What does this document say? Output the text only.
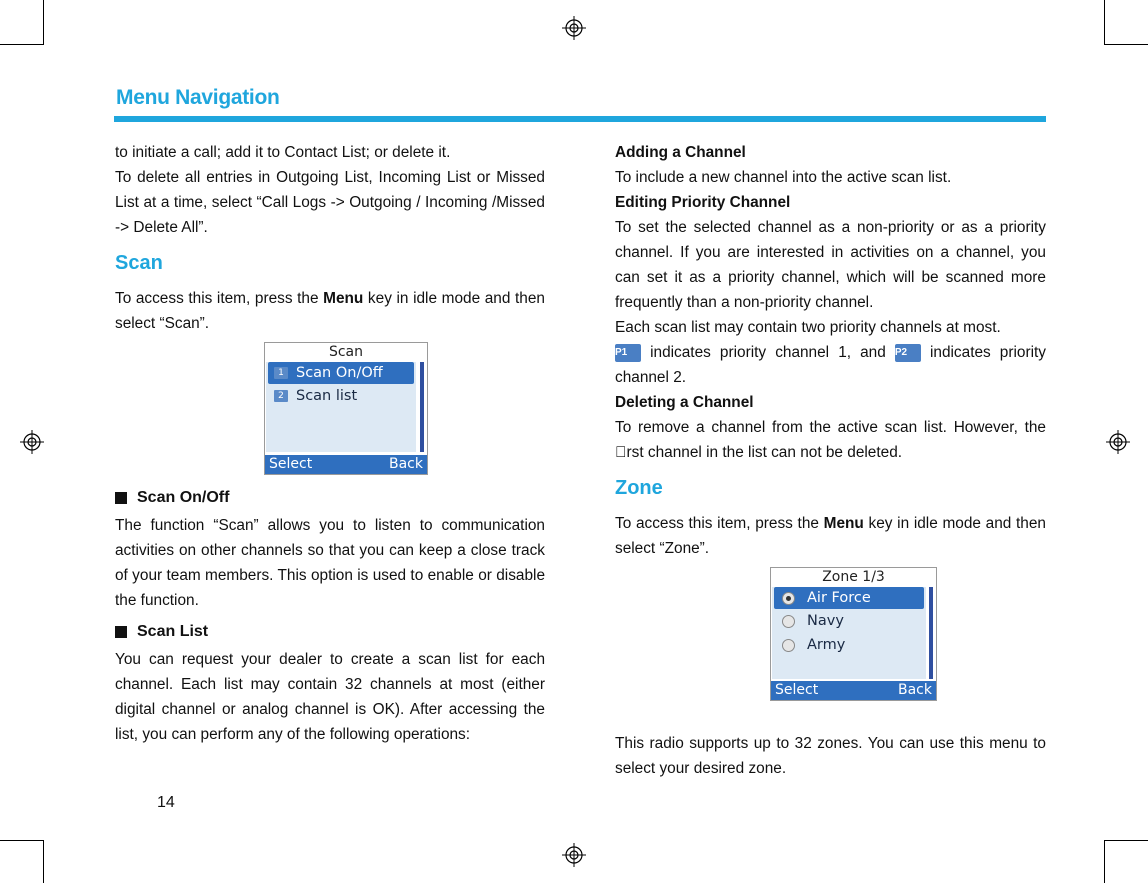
Menu Navigation

to initiate a call; add it to Contact List; or delete it.

To delete all entries in Outgoing List, Incoming List or Missed List at a time, select “Call Logs -> Outgoing / Incoming /Missed -> Delete All”.

Scan

To access this item, press the Menu key in idle mode and then select “Scan”.

Scan
1 Scan On/Off
2 Scan list
Select	Back
Scan On/Off

The function “Scan” allows you to listen to communication activities on other channels so that you can keep a close track of your team members. This option is used to enable or disable the function.

Scan List

You can request your dealer to create a scan list for each channel. Each list may contain 32 channels at most (either digital channel or analog channel is OK). After accessing the list, you can perform any of the following operations:

Adding a Channel

To include a new channel into the active scan list.

Editing Priority Channel

To set the selected channel as a non-priority or as a priority channel. If you are interested in activities on a channel, you can set it as a priority channel, which will be scanned more frequently than a non-priority channel.

Each scan list may contain two priority channels at most.
P1 indicates priority channel 1, and P2 indicates priority channel 2.

Deleting a Channel

To remove a channel from the active scan list. However, the  rst channel in the list can not be deleted.

Zone

To access this item, press the Menu key in idle mode and then select “Zone”.

Zone 1/3
Air Force
Navy
Army
Select	Back

This radio supports up to 32 zones. You can use this menu to select your desired zone.

14
